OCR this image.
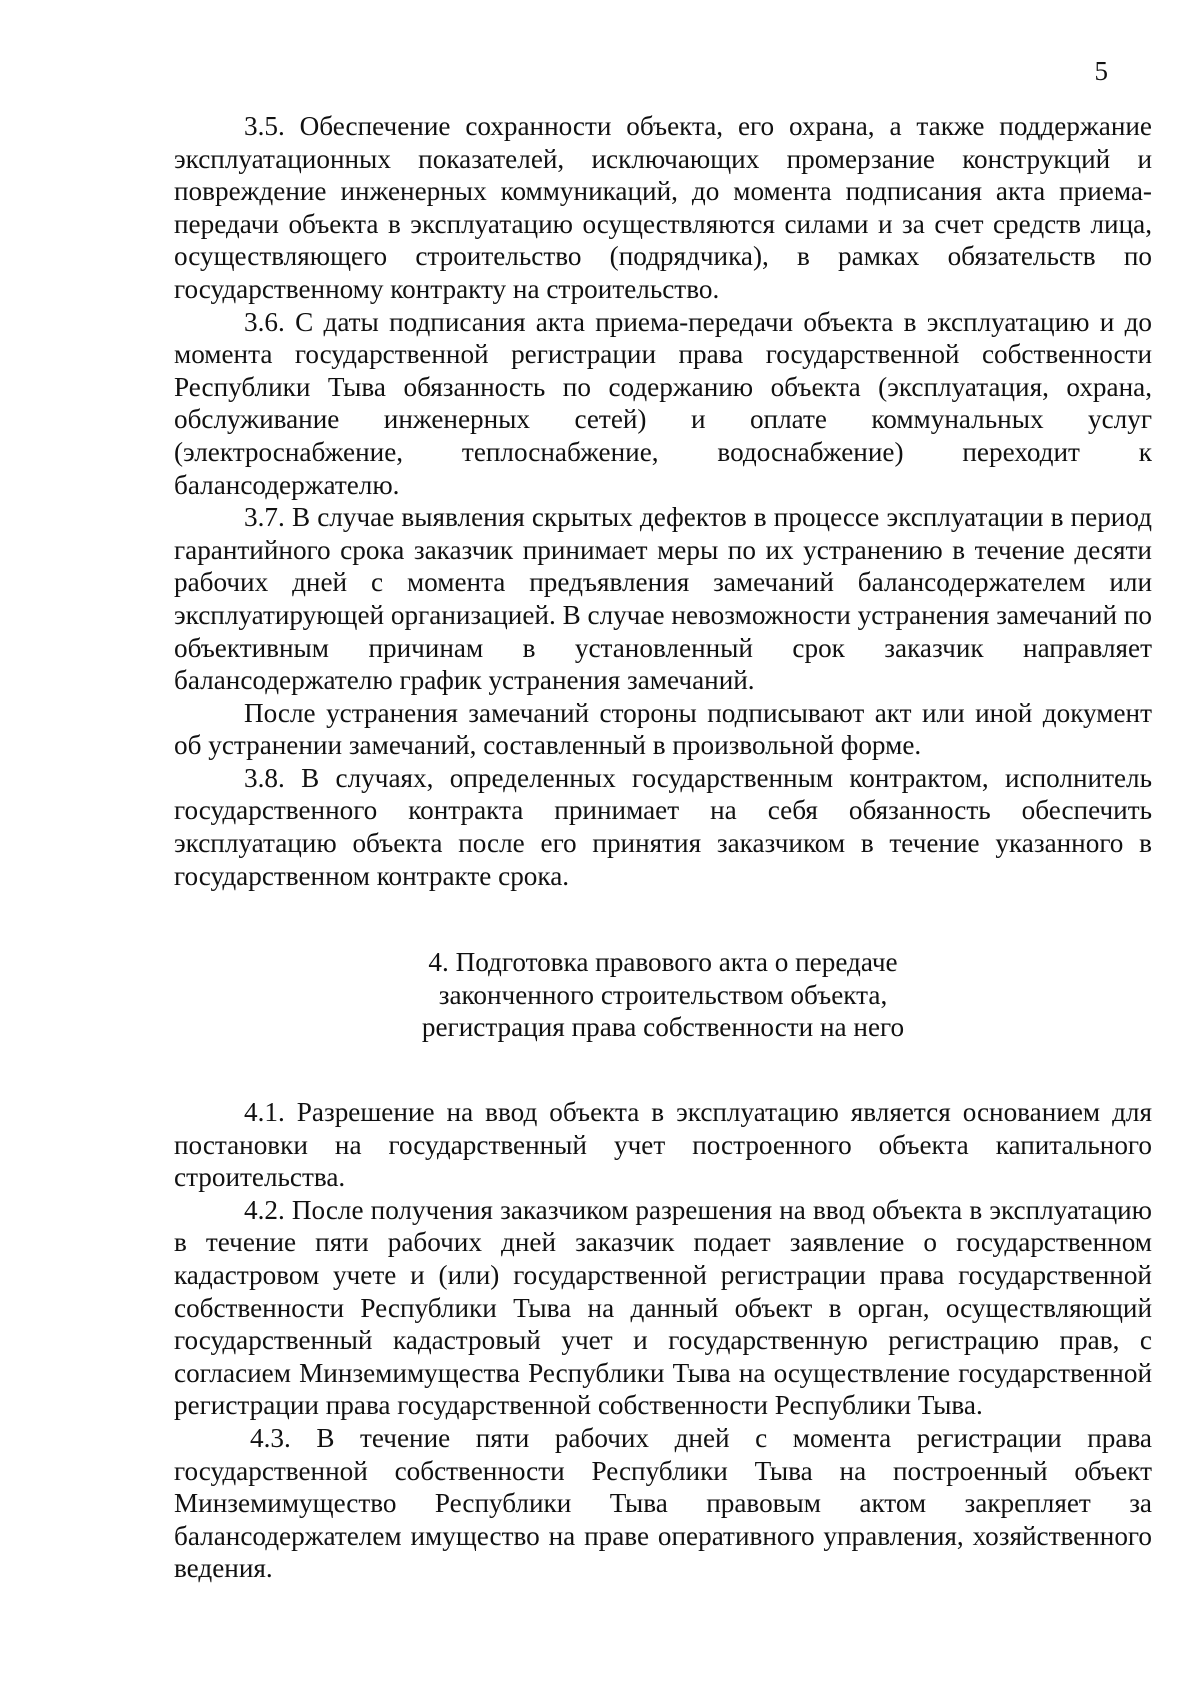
5

3.5. Обеспечение сохранности объекта, его охрана, а также поддержание эксплуатационных показателей, исключающих промерзание конструкций и повреждение инженерных коммуникаций, до момента подписания акта приема-передачи объекта в эксплуатацию осуществляются силами и за счет средств лица, осуществляющего строительство (подрядчика), в рамках обязательств по государственному контракту на строительство.

3.6. С даты подписания акта приема-передачи объекта в эксплуатацию и до момента государственной регистрации права государственной собственности Республики Тыва обязанность по содержанию объекта (эксплуатация, охрана, обслуживание инженерных сетей) и оплате коммунальных услуг (электроснабжение, теплоснабжение, водоснабжение) переходит к балансодержателю.

3.7. В случае выявления скрытых дефектов в процессе эксплуатации в период гарантийного срока заказчик принимает меры по их устранению в течение десяти рабочих дней с момента предъявления замечаний балансодержателем или эксплуатирующей организацией. В случае невозможности устранения замечаний по объективным причинам в установленный срок заказчик направляет балансодержателю график устранения замечаний.

После устранения замечаний стороны подписывают акт или иной документ об устранении замечаний, составленный в произвольной форме.

3.8. В случаях, определенных государственным контрактом, исполнитель государственного контракта принимает на себя обязанность обеспечить эксплуатацию объекта после его принятия заказчиком в течение указанного в государственном контракте срока.

4. Подготовка правового акта о передаче
законченного строительством объекта,
регистрация права собственности на него

4.1. Разрешение на ввод объекта в эксплуатацию является основанием для постановки на государственный учет построенного объекта капитального строительства.

4.2. После получения заказчиком разрешения на ввод объекта в эксплуатацию в течение пяти рабочих дней заказчик подает заявление о государственном кадастровом учете и (или) государственной регистрации права государственной собственности Республики Тыва на данный объект в орган, осуществляющий государственный кадастровый учет и государственную регистрацию прав, с согласием Минземимущества Республики Тыва на осуществление государственной регистрации права государственной собственности Республики Тыва.

4.3. В течение пяти рабочих дней с момента регистрации права государственной собственности Республики Тыва на построенный объект Минземимущество Республики Тыва правовым актом закрепляет за балансодержателем имущество на праве оперативного управления, хозяйственного ведения.
